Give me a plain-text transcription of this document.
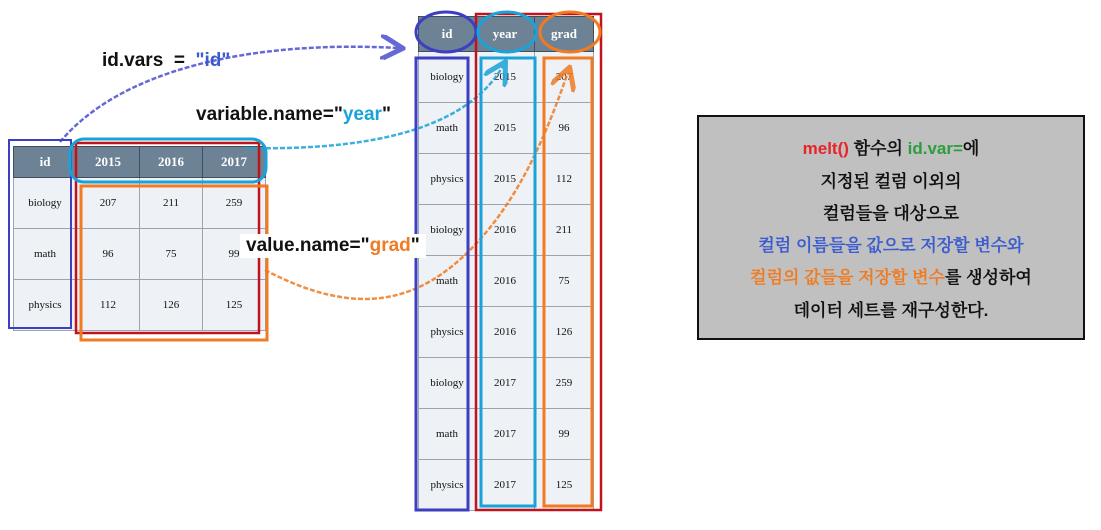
id	2015	2016	2017
biology	207	211	259
math	96	75	99
physics	112	126	125
id	year	grad
biology	2015	207
math	2015	96
physics	2015	112
biology	2016	211
math	2016	75
physics	2016	126
biology	2017	259
math	2017	99
physics	2017	125
id.vars  =  "id"
variable.name="year"
value.name="grad"
melt() 함수의 id.var=에
지정된 컬럼 이외의
컬럼들을 대상으로
컬럼 이름들을 값으로 저장할 변수와
컬럼의 값들을 저장할 변수를 생성하여
데이터 세트를 재구성한다.
